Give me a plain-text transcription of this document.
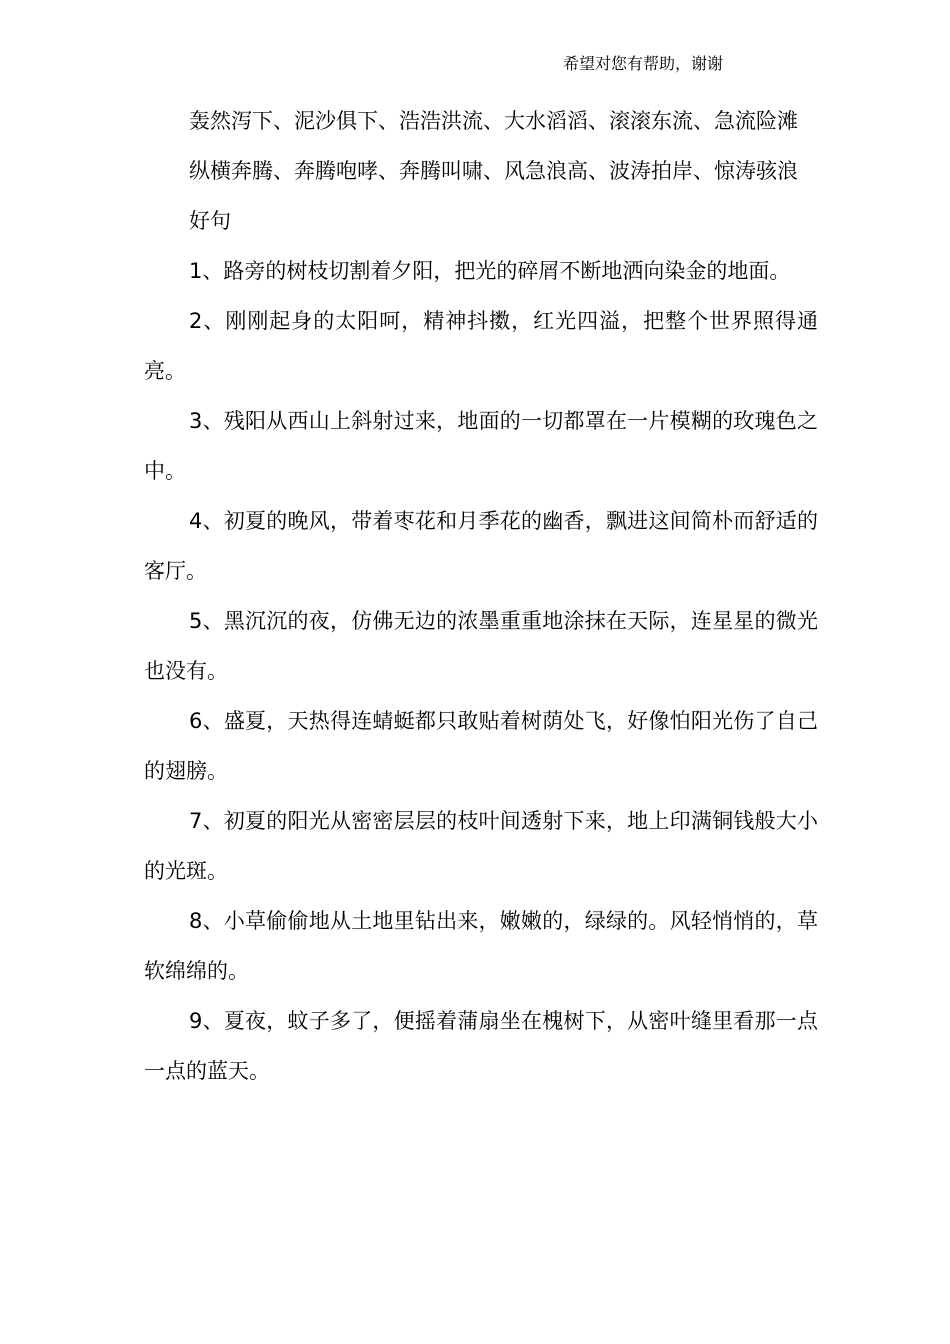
希望对您有帮助，谢谢

轰然泻下、泥沙俱下、浩浩洪流、大水滔滔、滚滚东流、急流险滩

纵横奔腾、奔腾咆哮、奔腾叫啸、风急浪高、波涛拍岸、惊涛骇浪

好句

1、路旁的树枝切割着夕阳，把光的碎屑不断地洒向染金的地面。

2、刚刚起身的太阳呵，精神抖擞，红光四溢，把整个世界照得通亮。

3、残阳从西山上斜射过来，地面的一切都罩在一片模糊的玫瑰色之中。

4、初夏的晚风，带着枣花和月季花的幽香，飘进这间简朴而舒适的客厅。

5、黑沉沉的夜，仿佛无边的浓墨重重地涂抹在天际，连星星的微光也没有。

6、盛夏，天热得连蜻蜓都只敢贴着树荫处飞，好像怕阳光伤了自己的翅膀。

7、初夏的阳光从密密层层的枝叶间透射下来，地上印满铜钱般大小的光斑。

8、小草偷偷地从土地里钻出来，嫩嫩的，绿绿的。风轻悄悄的，草软绵绵的。

9、夏夜，蚊子多了，便摇着蒲扇坐在槐树下，从密叶缝里看那一点一点的蓝天。
